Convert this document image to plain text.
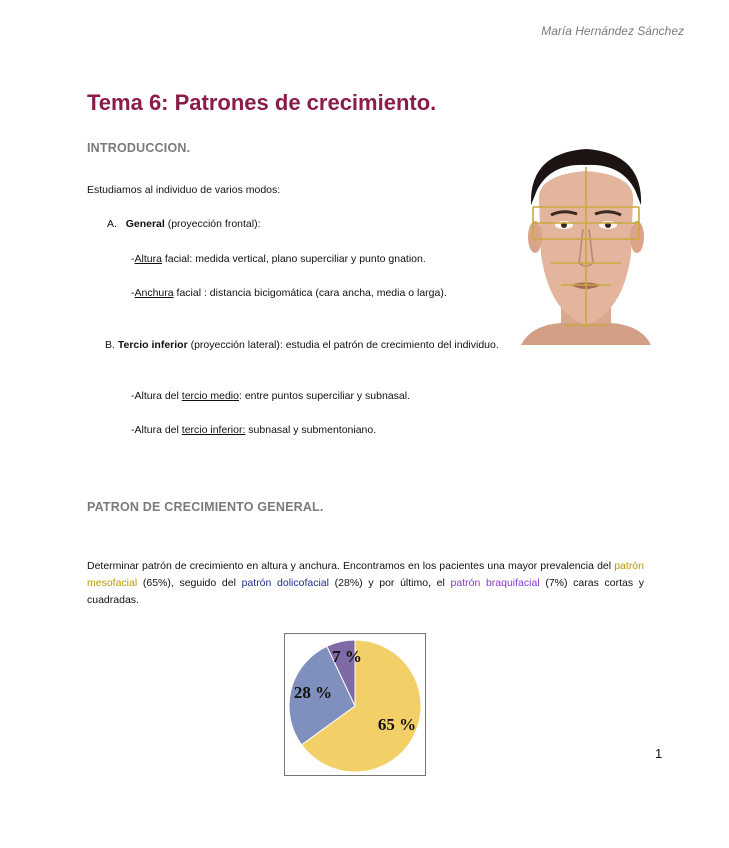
María Hernández Sánchez
Tema 6: Patrones de crecimiento.
INTRODUCCION.
Estudiamos al individuo de varios modos:
A. General (proyección frontal):
-Altura facial: medida vertical, plano superciliar y punto gnation.
-Anchura facial : distancia bicigomática (cara ancha, media o larga).
B. Tercio inferior (proyección lateral): estudia el patrón de crecimiento del individuo.
-Altura del tercio medio: entre puntos superciliar y subnasal.
-Altura del tercio inferior: subnasal y submentoniano.
PATRON DE CRECIMIENTO GENERAL.
Determinar patrón de crecimiento en altura y anchura. Encontramos en los pacientes una mayor prevalencia del patrón mesofacial (65%), seguido del patrón dolicofacial (28%) y por último, el patrón braquifacial (7%) caras cortas y cuadradas.
65 %
28 %
7 %
1
